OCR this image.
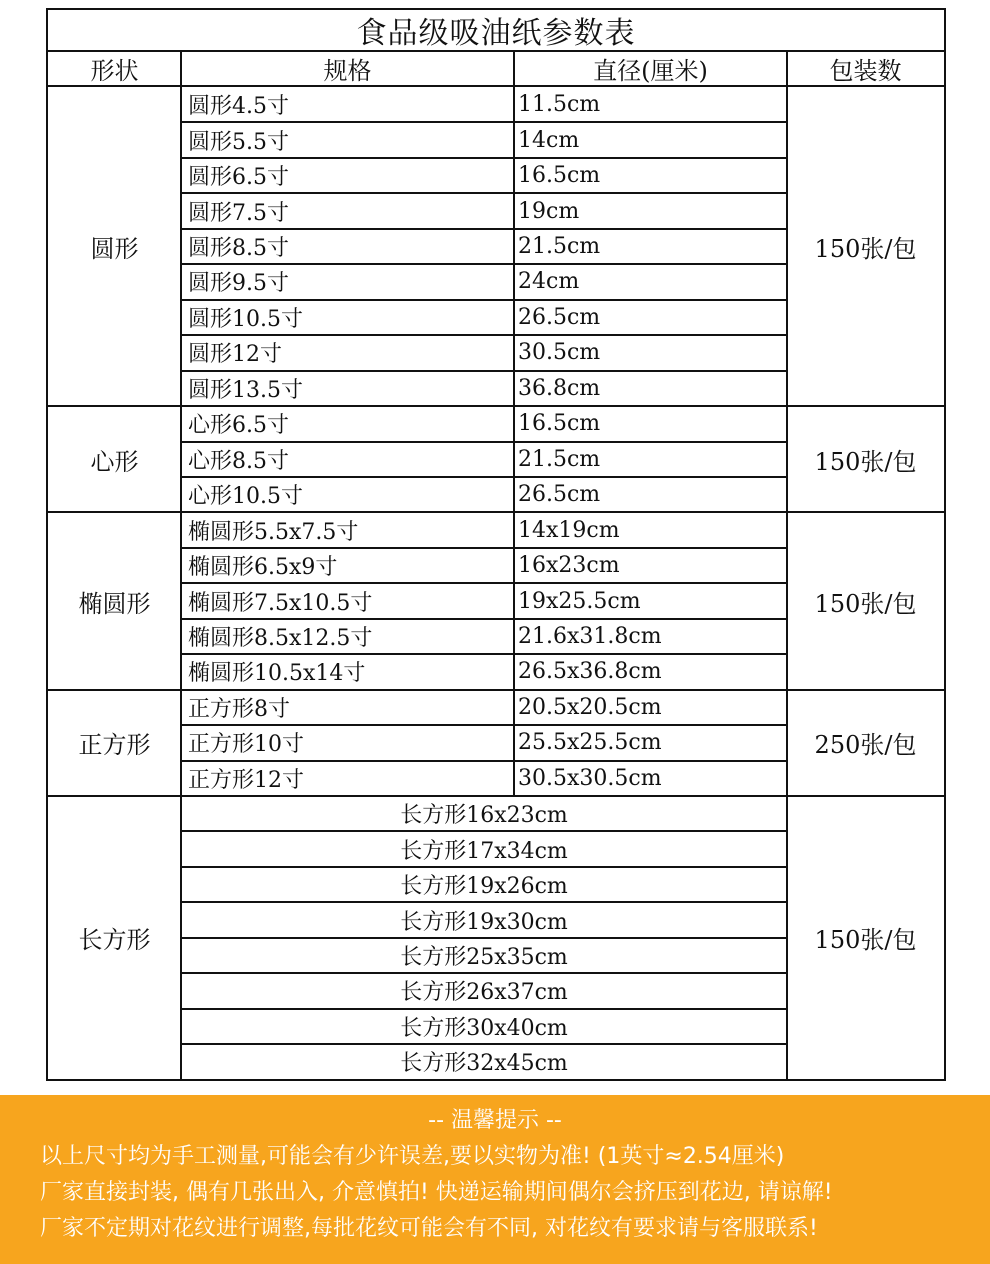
食品级吸油纸参数表
形状	规格	直径(厘米)	包装数
圆形	150张/包
圆形4.5寸	11.5cm
圆形5.5寸	14cm
圆形6.5寸	16.5cm
圆形7.5寸	19cm
圆形8.5寸	21.5cm
圆形9.5寸	24cm
圆形10.5寸	26.5cm
圆形12寸	30.5cm
圆形13.5寸	36.8cm
心形	150张/包
心形6.5寸	16.5cm
心形8.5寸	21.5cm
心形10.5寸	26.5cm
椭圆形	150张/包
椭圆形5.5x7.5寸	14x19cm
椭圆形6.5x9寸	16x23cm
椭圆形7.5x10.5寸	19x25.5cm
椭圆形8.5x12.5寸	21.6x31.8cm
椭圆形10.5x14寸	26.5x36.8cm
正方形	250张/包
正方形8寸	20.5x20.5cm
正方形10寸	25.5x25.5cm
正方形12寸	30.5x30.5cm
长方形	150张/包
长方形16x23cm
长方形17x34cm
长方形19x26cm
长方形19x30cm
长方形25x35cm
长方形26x37cm
长方形30x40cm
长方形32x45cm
-- 温馨提示 --
以上尺寸均为手工测量,可能会有少许误差,要以实物为准! (1英寸≈2.54厘米)
厂家直接封装, 偶有几张出入, 介意慎拍! 快递运输期间偶尔会挤压到花边, 请谅解!
厂家不定期对花纹进行调整,每批花纹可能会有不同, 对花纹有要求请与客服联系!
